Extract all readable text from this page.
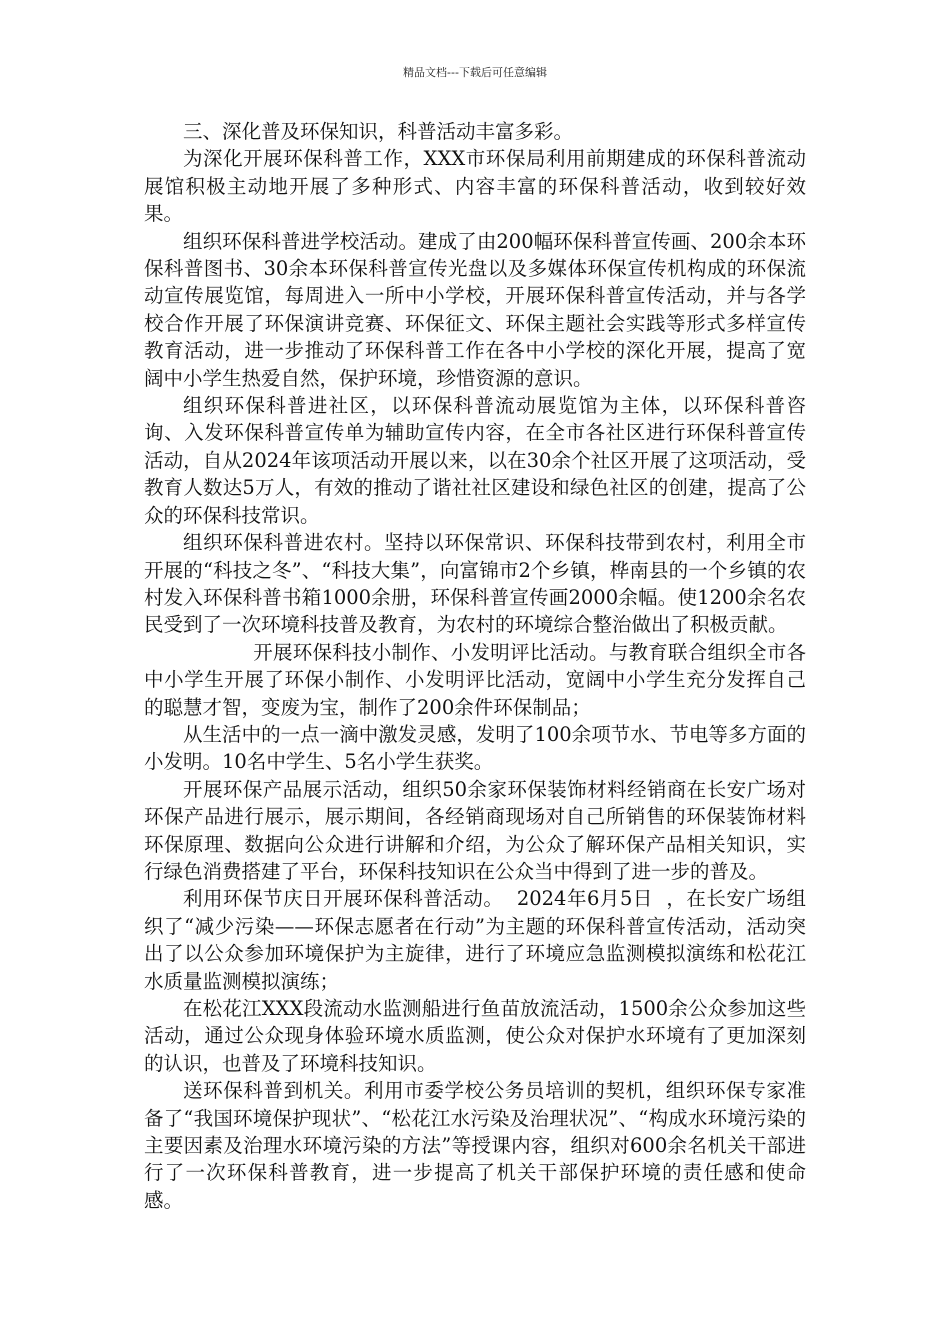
精品文档---下载后可任意编辑

三、深化普及环保知识，科普活动丰富多彩。

为深化开展环保科普工作，XXX市环保局利用前期建成的环保科普流动展馆积极主动地开展了多种形式、内容丰富的环保科普活动，收到较好效果。

组织环保科普进学校活动。建成了由200幅环保科普宣传画、200余本环保科普图书、30余本环保科普宣传光盘以及多媒体环保宣传机构成的环保流动宣传展览馆，每周进入一所中小学校，开展环保科普宣传活动，并与各学校合作开展了环保演讲竞赛、环保征文、环保主题社会实践等形式多样宣传教育活动，进一步推动了环保科普工作在各中小学校的深化开展，提高了宽阔中小学生热爱自然，保护环境，珍惜资源的意识。

组织环保科普进社区，以环保科普流动展览馆为主体，以环保科普咨询、入发环保科普宣传单为辅助宣传内容，在全市各社区进行环保科普宣传活动，自从2024年该项活动开展以来，以在30余个社区开展了这项活动，受教育人数达5万人，有效的推动了谐社社区建设和绿色社区的创建，提高了公众的环保科技常识。

组织环保科普进农村。坚持以环保常识、环保科技带到农村，利用全市开展的“科技之冬”、“科技大集”，向富锦市2个乡镇，桦南县的一个乡镇的农村发入环保科普书箱1000余册，环保科普宣传画2000余幅。使1200余名农民受到了一次环境科技普及教育，为农村的环境综合整治做出了积极贡献。

开展环保科技小制作、小发明评比活动。与教育联合组织全市各中小学生开展了环保小制作、小发明评比活动，宽阔中小学生充分发挥自己的聪慧才智，变废为宝，制作了200余件环保制品；

从生活中的一点一滴中激发灵感，发明了100余项节水、节电等多方面的小发明。10名中学生、5名小学生获奖。

开展环保产品展示活动，组织50余家环保装饰材料经销商在长安广场对环保产品进行展示，展示期间，各经销商现场对自己所销售的环保装饰材料环保原理、数据向公众进行讲解和介绍，为公众了解环保产品相关知识，实行绿色消费搭建了平台，环保科技知识在公众当中得到了进一步的普及。

利用环保节庆日开展环保科普活动。  2024年6月5日  ，在长安广场组织了“减少污染——环保志愿者在行动”为主题的环保科普宣传活动，活动突出了以公众参加环境保护为主旋律，进行了环境应急监测模拟演练和松花江水质量监测模拟演练；

在松花江XXX段流动水监测船进行鱼苗放流活动，1500余公众参加这些活动，通过公众现身体验环境水质监测，使公众对保护水环境有了更加深刻的认识，也普及了环境科技知识。

送环保科普到机关。利用市委学校公务员培训的契机，组织环保专家准备了“我国环境保护现状”、“松花江水污染及治理状况”、“构成水环境污染的主要因素及治理水环境污染的方法”等授课内容，组织对600余名机关干部进行了一次环保科普教育，进一步提高了机关干部保护环境的责任感和使命感。
